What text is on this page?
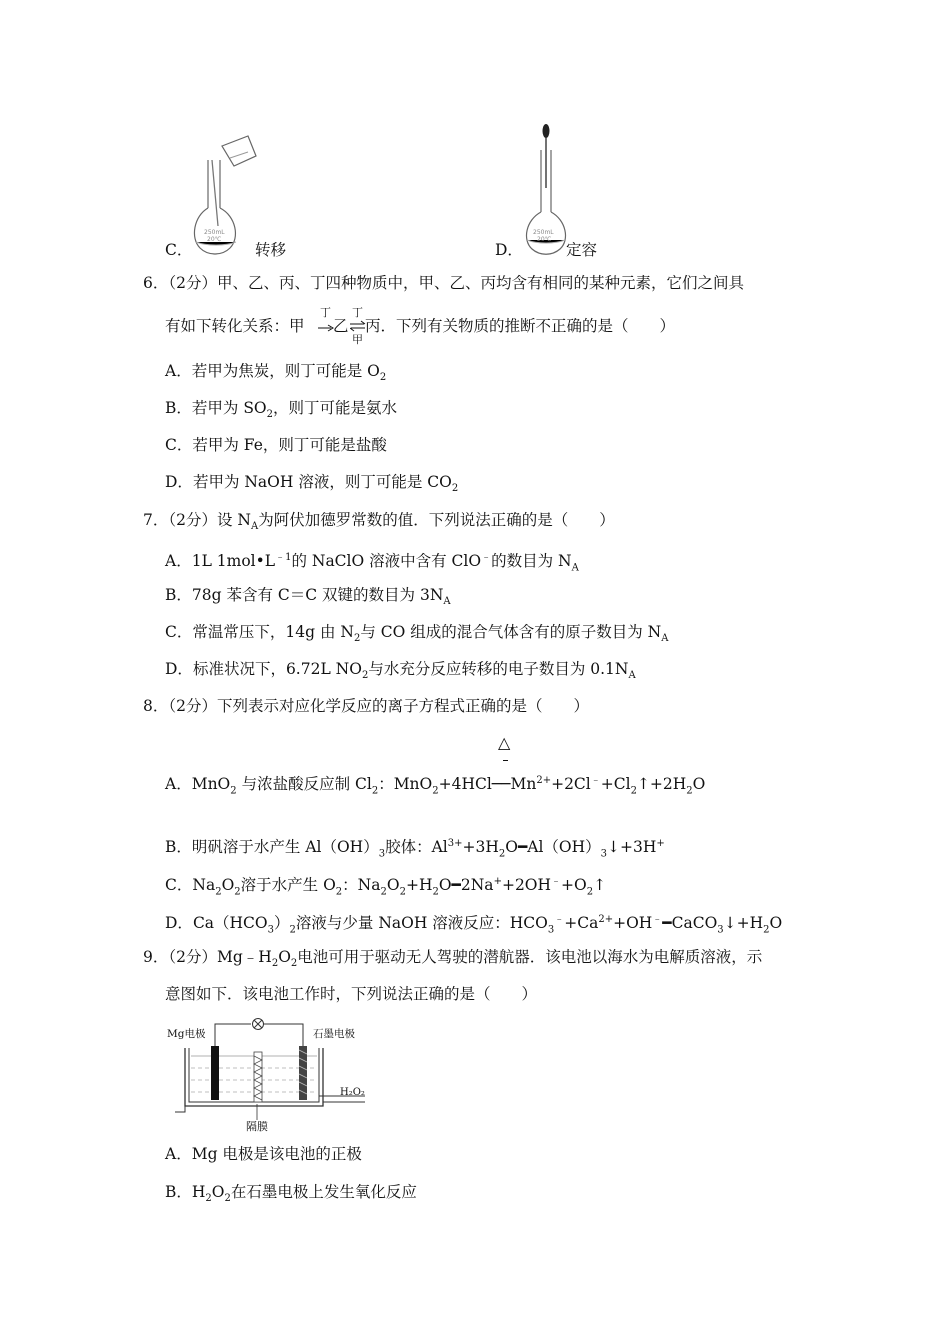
250mL
20℃
C．	转移
250mL
20℃
D．	定容
6．（2分）甲、乙、丙、丁四种物质中，甲、乙、丙均含有相同的某种元素，它们之间具
有如下转化关系：甲
丁
乙
丁
甲
丙．下列有关物质的推断不正确的是（　　）
A．若甲为焦炭，则丁可能是 $O_2$
B．若甲为 $SO_2$，则丁可能是氨水
C．若甲为 Fe，则丁可能是盐酸
D．若甲为 NaOH 溶液，则丁可能是 $CO_2$
7．（2分）设 $N_A$为阿伏加德罗常数的值．下列说法正确的是（　　）
A．1L $1mol•L^{﹣1}$的 NaClO 溶液中含有 ClO﹣的数目为 $N_A$
B．78g 苯含有 C＝C 双键的数目为 $3N_A$
C．常温常压下，14g 由 $N_2$与 CO 组成的混合气体含有的原子数目为 $N_A$
D．标准状况下，6.72L $NO_2$与水充分反应转移的电子数目为 $0.1N_A$
8．（2分）下列表示对应化学反应的离子方程式正确的是（　　）
△
A．MnO$_2$ 与浓盐酸反应制 $Cl_2$：$MnO_2+4HCl──Mn^{2+}+2Cl^﹣+Cl_2↑+2H_2O$
B．明矾溶于水产生 $Al(OH)_3$胶体：$Al^{3+}+3H_2O━Al(OH)_3↓+3H^+$
C．$Na_2O_2$溶于水产生 $O_2$：$Na_2O_2+H_2O━2Na^++2OH^﹣+O_2↑$
D．$Ca(HCO_3)_2$溶液与少量 NaOH 溶液反应：$HCO_3^﹣+Ca^{2+}+OH^﹣━CaCO_3↓+H_2O$
9．（2分）$Mg﹣H_2O_2$电池可用于驱动无人驾驶的潜航器．该电池以海水为电解质溶液，示
意图如下．该电池工作时，下列说法正确的是（　　）
Mg电极	石墨电极
H₂O₂
隔膜
A．Mg 电极是该电池的正极
B．$H_2O_2$在石墨电极上发生氧化反应
